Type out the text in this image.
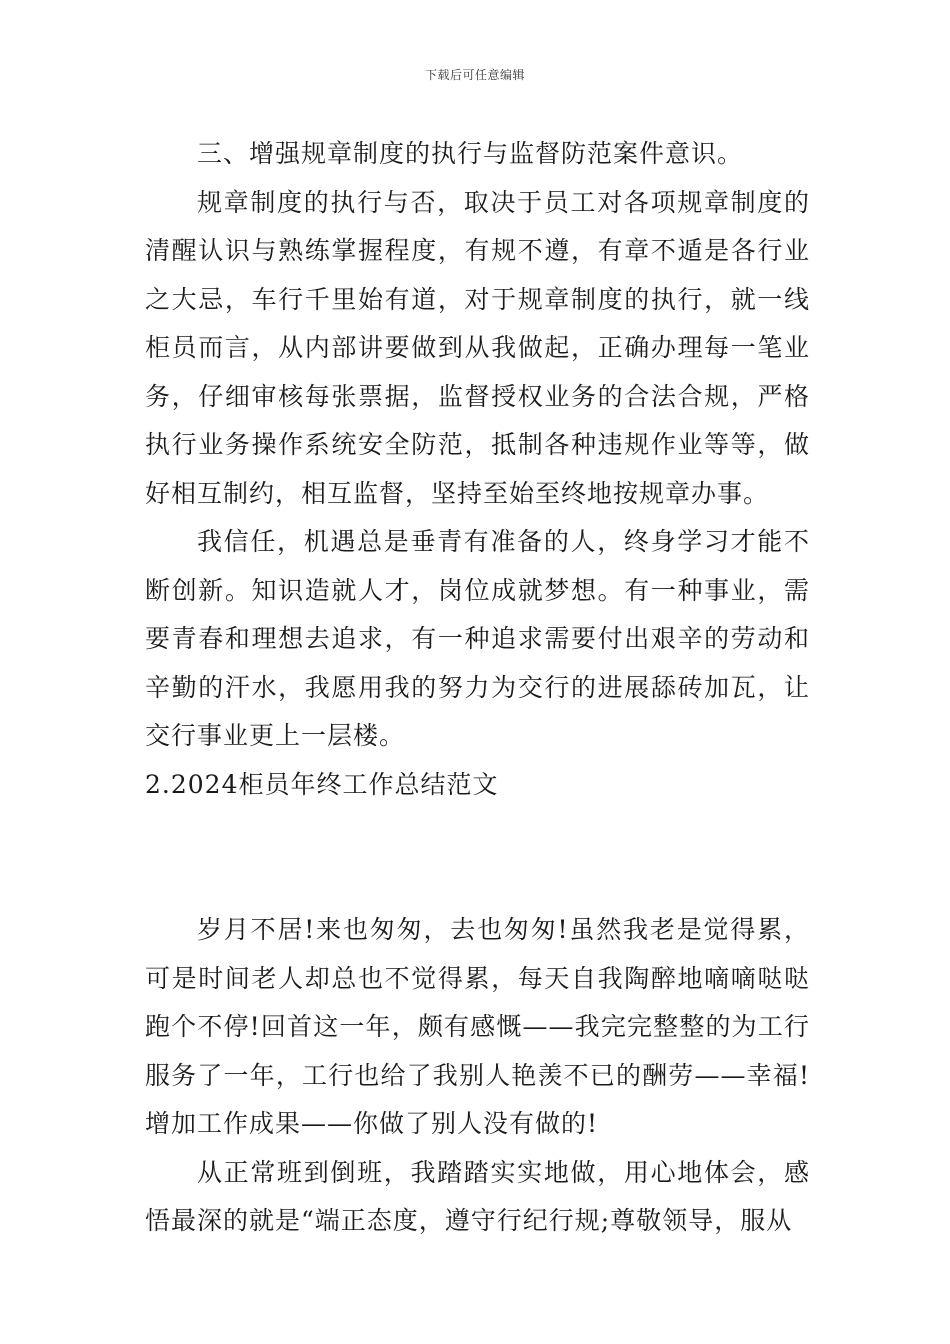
下载后可任意编辑

三、增强规章制度的执行与监督防范案件意识。

规章制度的执行与否，取决于员工对各项规章制度的清醒认识与熟练掌握程度，有规不遵，有章不遁是各行业之大忌，车行千里始有道，对于规章制度的执行，就一线柜员而言，从内部讲要做到从我做起，正确办理每一笔业务，仔细审核每张票据，监督授权业务的合法合规，严格执行业务操作系统安全防范，抵制各种违规作业等等，做好相互制约，相互监督，坚持至始至终地按规章办事。

我信任，机遇总是垂青有准备的人，终身学习才能不断创新。知识造就人才，岗位成就梦想。有一种事业，需要青春和理想去追求，有一种追求需要付出艰辛的劳动和辛勤的汗水，我愿用我的努力为交行的进展舔砖加瓦，让交行事业更上一层楼。

2.2024柜员年终工作总结范文

岁月不居!来也匆匆，去也匆匆!虽然我老是觉得累，可是时间老人却总也不觉得累，每天自我陶醉地嘀嘀哒哒跑个不停!回首这一年，颇有感慨——我完完整整的为工行服务了一年，工行也给了我别人艳羡不已的酬劳——幸福!增加工作成果——你做了别人没有做的!

从正常班到倒班，我踏踏实实地做，用心地体会，感悟最深的就是“端正态度，遵守行纪行规;尊敬领导，服从
